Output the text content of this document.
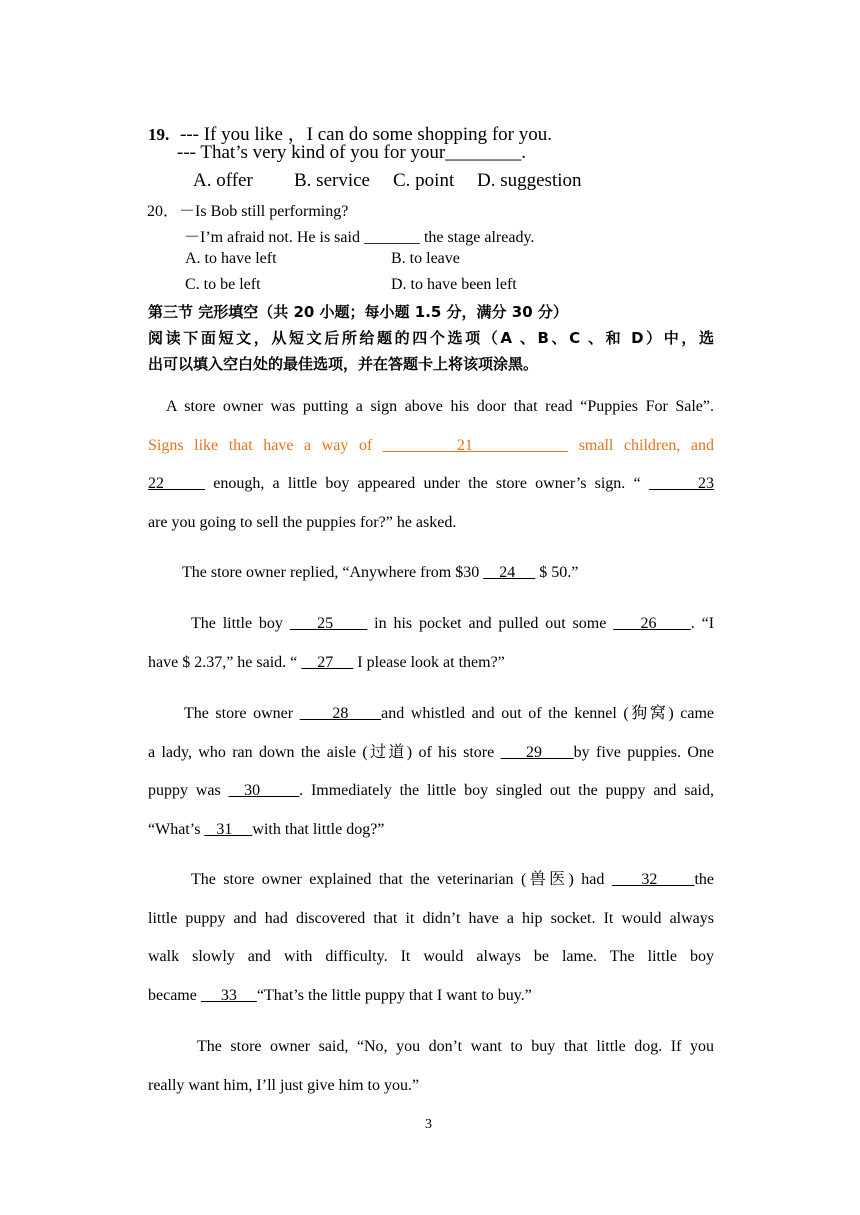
19. --- If you like ，I can do some shopping for you.
--- That’s very kind of you for your________.
A. offer B. service C. point D. suggestion
20．－Is Bob still performing?
－I’m afraid not. He is said _______ the stage already.
A. to have left	B. to leave
C. to be left	D. to have been left
第三节 完形填空（共 20 小题；每小题 1.5 分，满分 30 分）
阅读下面短文，从短文后所给题的四个选项（A 、B、C 、和 D）中，选
出可以填入空白处的最佳选项，并在答题卡上将该项涂黑。
A store owner was putting a sign above his door that read “Puppies For Sale”.
Signs like that have a way of        21          small children, and
22      enough, a little boy appeared under the store owner’s sign. “       23
are you going to sell the puppies for?” he asked.
The store owner replied, “Anywhere from $30     24      $ 50.”
The little boy     25      in his pocket and pulled out some     26     . “I
have $ 2.37,” he said. “     27      I please look at them?”
The store owner      28     and whistled and out of the kennel (狗窝) came
a lady, who ran down the aisle (过道) of his store     29     by five puppies. One
puppy was   30     . Immediately the little boy singled out the puppy and said,
“What’s    31     with that little dog?”
The store owner explained that the veterinarian (兽医) had     32     the
little puppy and had discovered that it didn’t have a hip socket. It would always
walk slowly and with difficulty. It would always be lame. The little boy
became      33     “That’s the little puppy that I want to buy.”
The store owner said, “No, you don’t want to buy that little dog. If you
really want him, I’ll just give him to you.”
3
